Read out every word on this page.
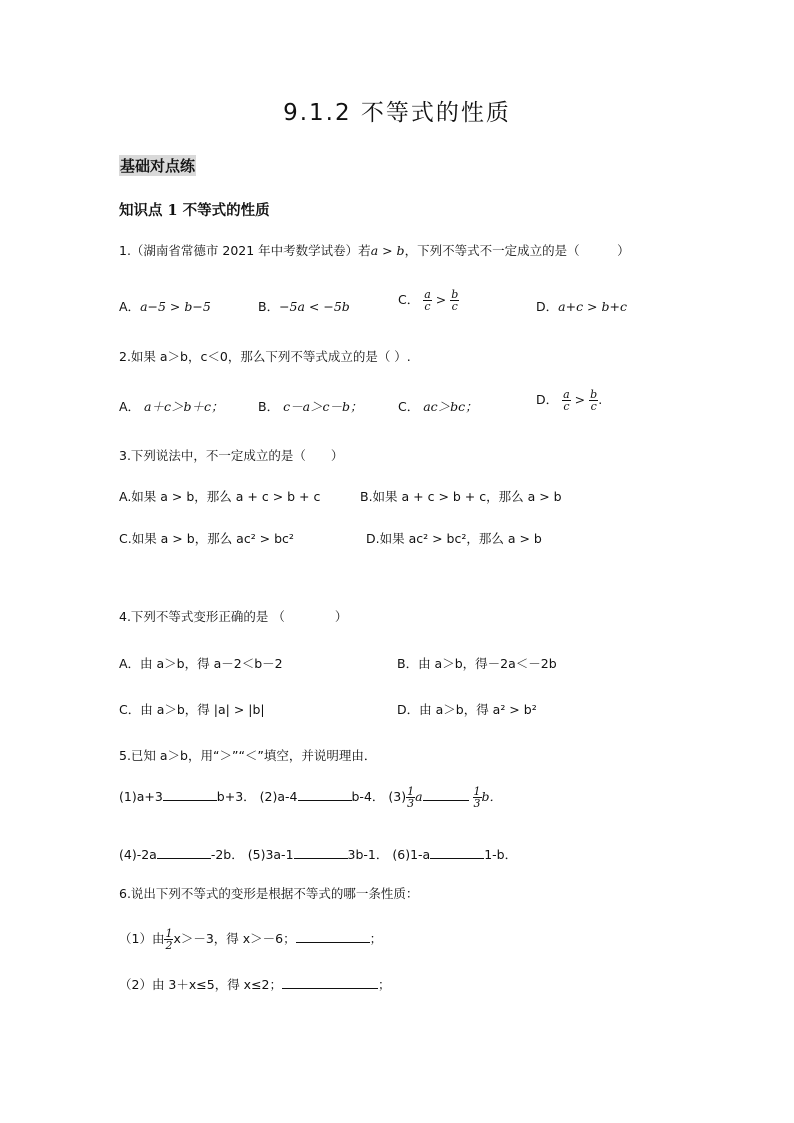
9.1.2 不等式的性质
基础对点练
知识点 1 不等式的性质
1.（湖南省常德市 2021 年中考数学试卷）若a > b，下列不等式不一定成立的是（　　　）
A．a−5 > b−5	B．−5a < −5b	C． $\frac{a}{c} > \frac{b}{c}$	D．a+c > b+c
2.如果 a＞b，c＜0，那么下列不等式成立的是（ ）.
A． a＋c＞b＋c；	B． c－a＞c－b；	C． ac＞bc；	D． $\frac{a}{c} > \frac{b}{c}$ .
3.下列说法中，不一定成立的是（　　）
A.如果 a > b，那么 a + c > b + c	B.如果 a + c > b + c，那么 a > b
C.如果 a > b，那么 ac² > bc²	D.如果 ac² > bc²，那么 a > b
4.下列不等式变形正确的是 （　　　　）
A．由 a＞b，得 a－2＜b－2	B．由 a＞b，得－2a＜－2b
C．由 a＞b，得 |a| > |b|	D．由 a＞b，得 a² > b²
5.已知 a＞b，用“＞”“＜”填空，并说明理由．
(1)a+3	b+3． (2)a-4	b-4． $(3) \frac{1}{3}$ a	$\frac{1}{3}$ b．
(4)-2a	-2b． (5)3a-1	3b-1． (6)1-a	1-b．
6.说出下列不等式的变形是根据不等式的哪一条性质：
（1）由 $\frac{1}{2} x>-3$，得 x＞－6；	；
（2）由 3＋x≤5，得 x≤2；	；
